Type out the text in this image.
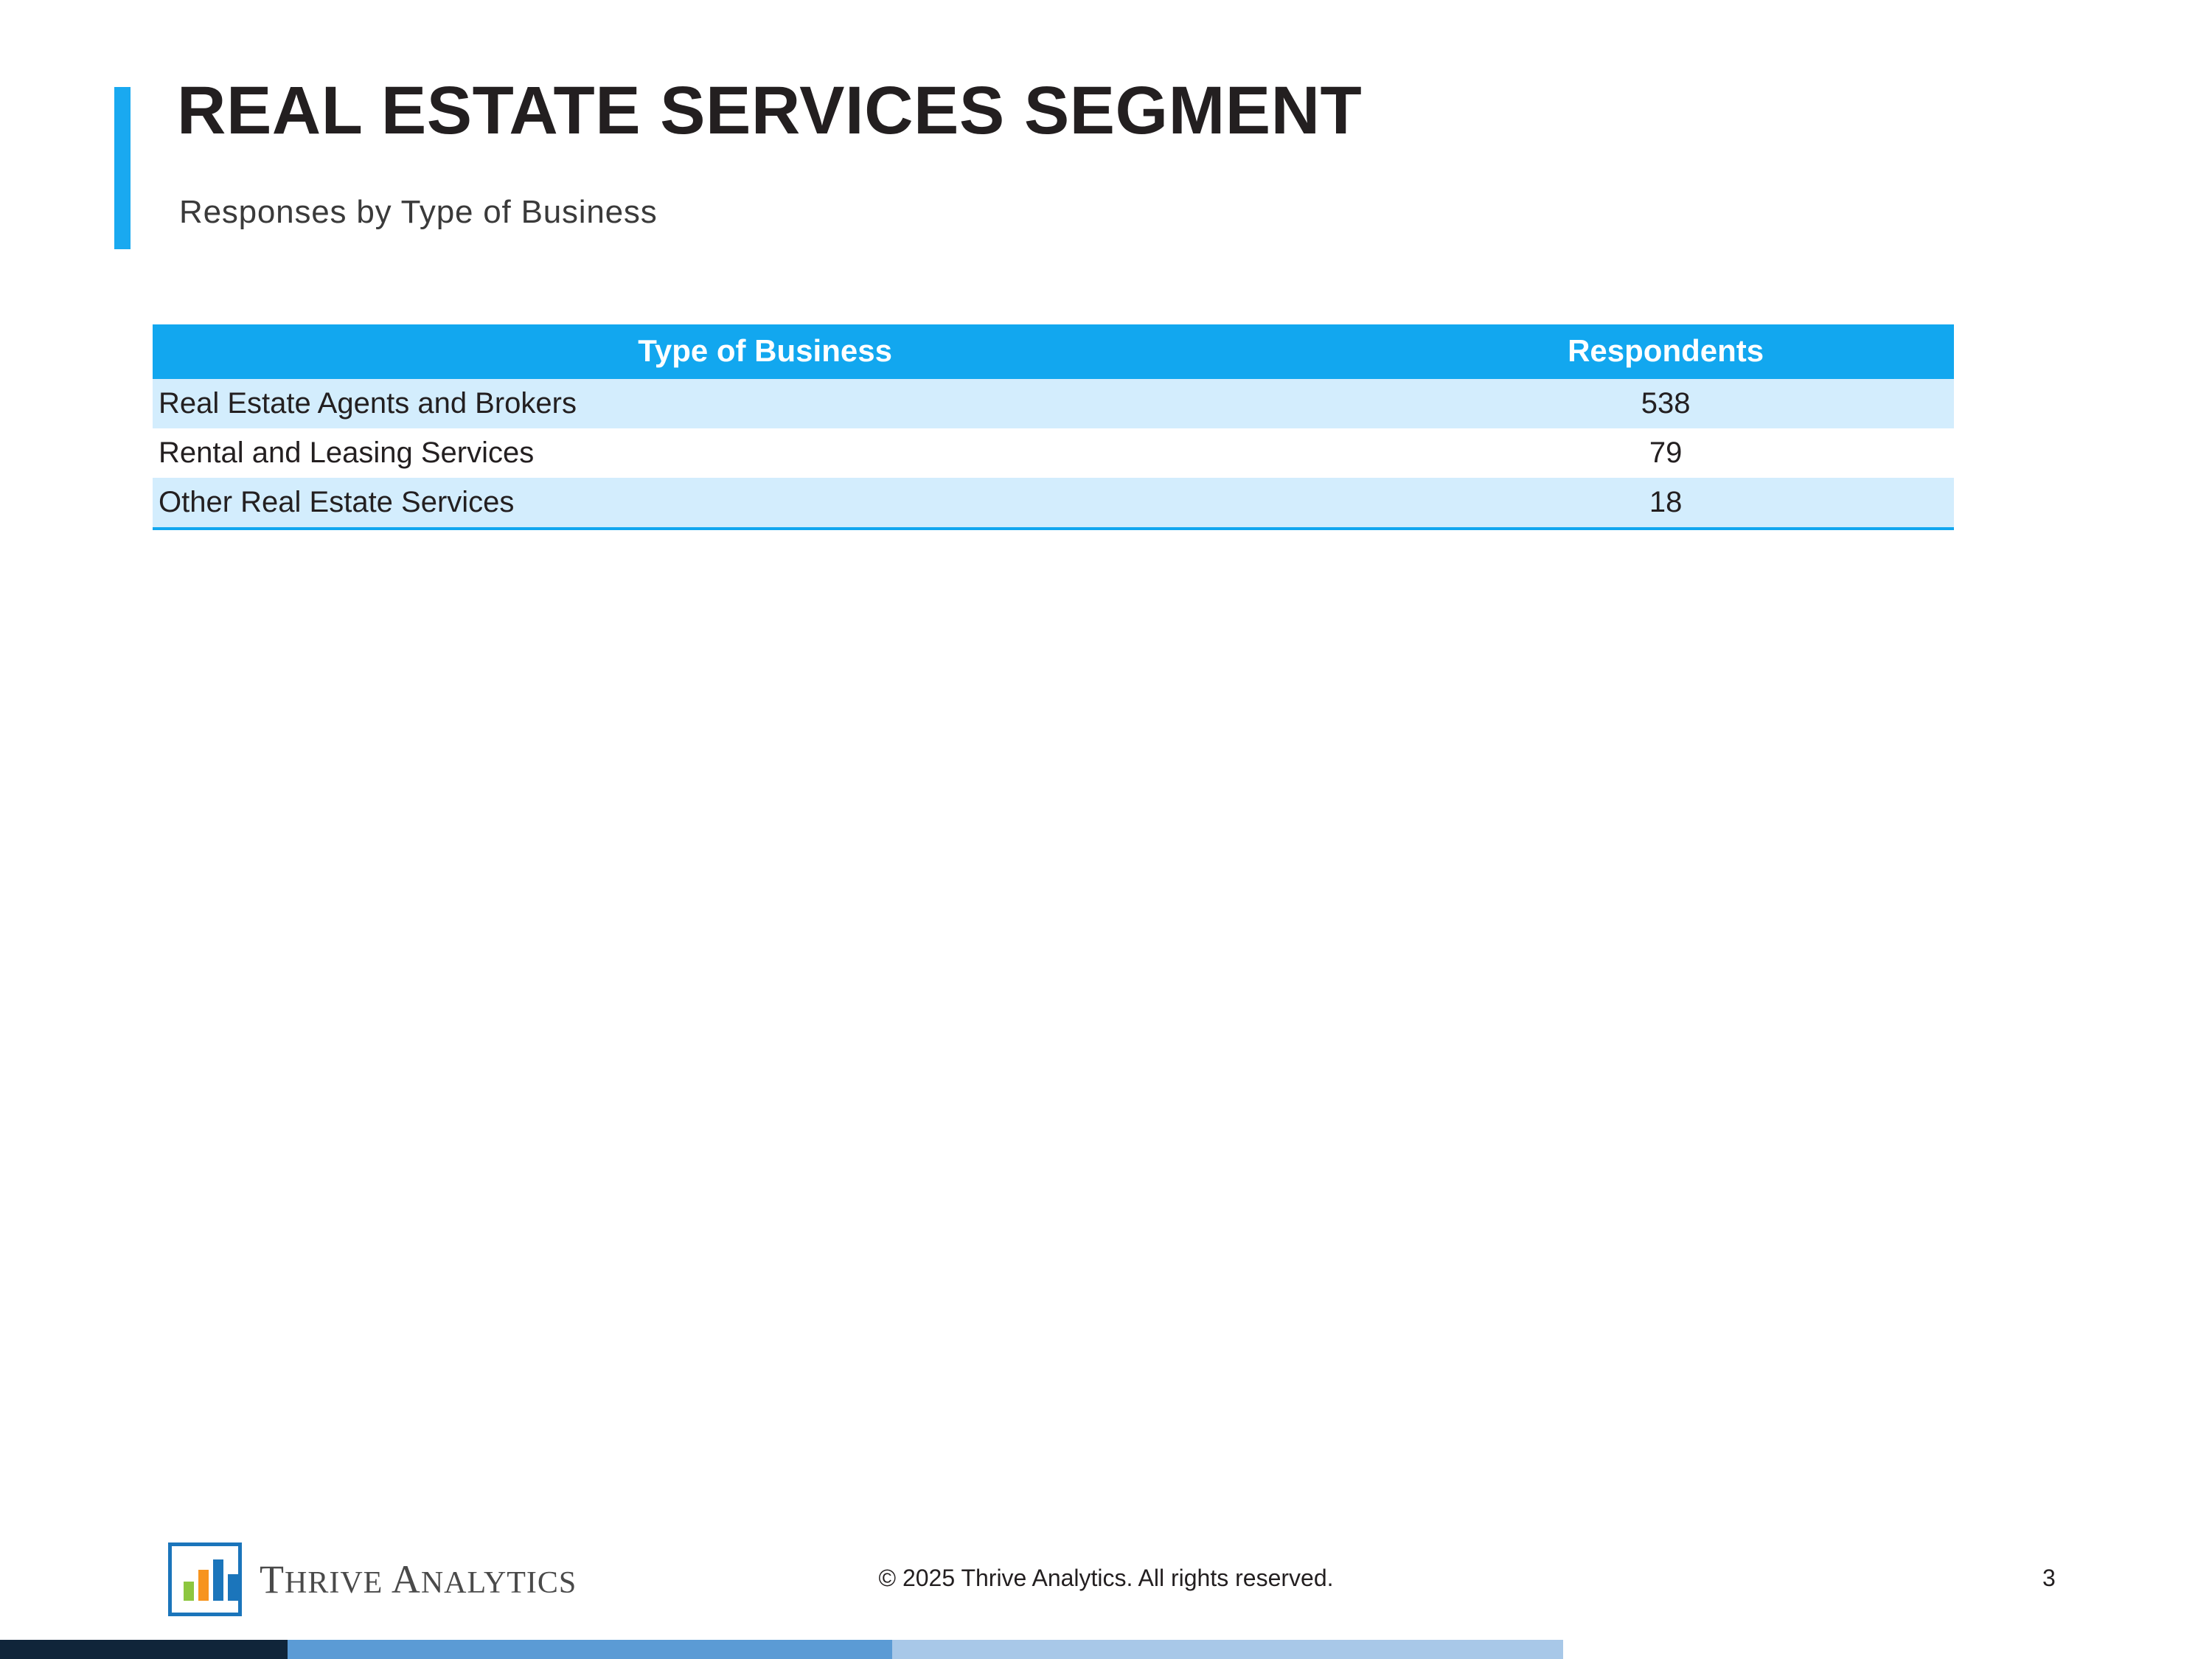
REAL ESTATE SERVICES SEGMENT
Responses by Type of Business
Type of Business	Respondents
Real Estate Agents and Brokers	538
Rental and Leasing Services	79
Other Real Estate Services	18
THRIVE ANALYTICS	© 2025 Thrive Analytics. All rights reserved.	3
